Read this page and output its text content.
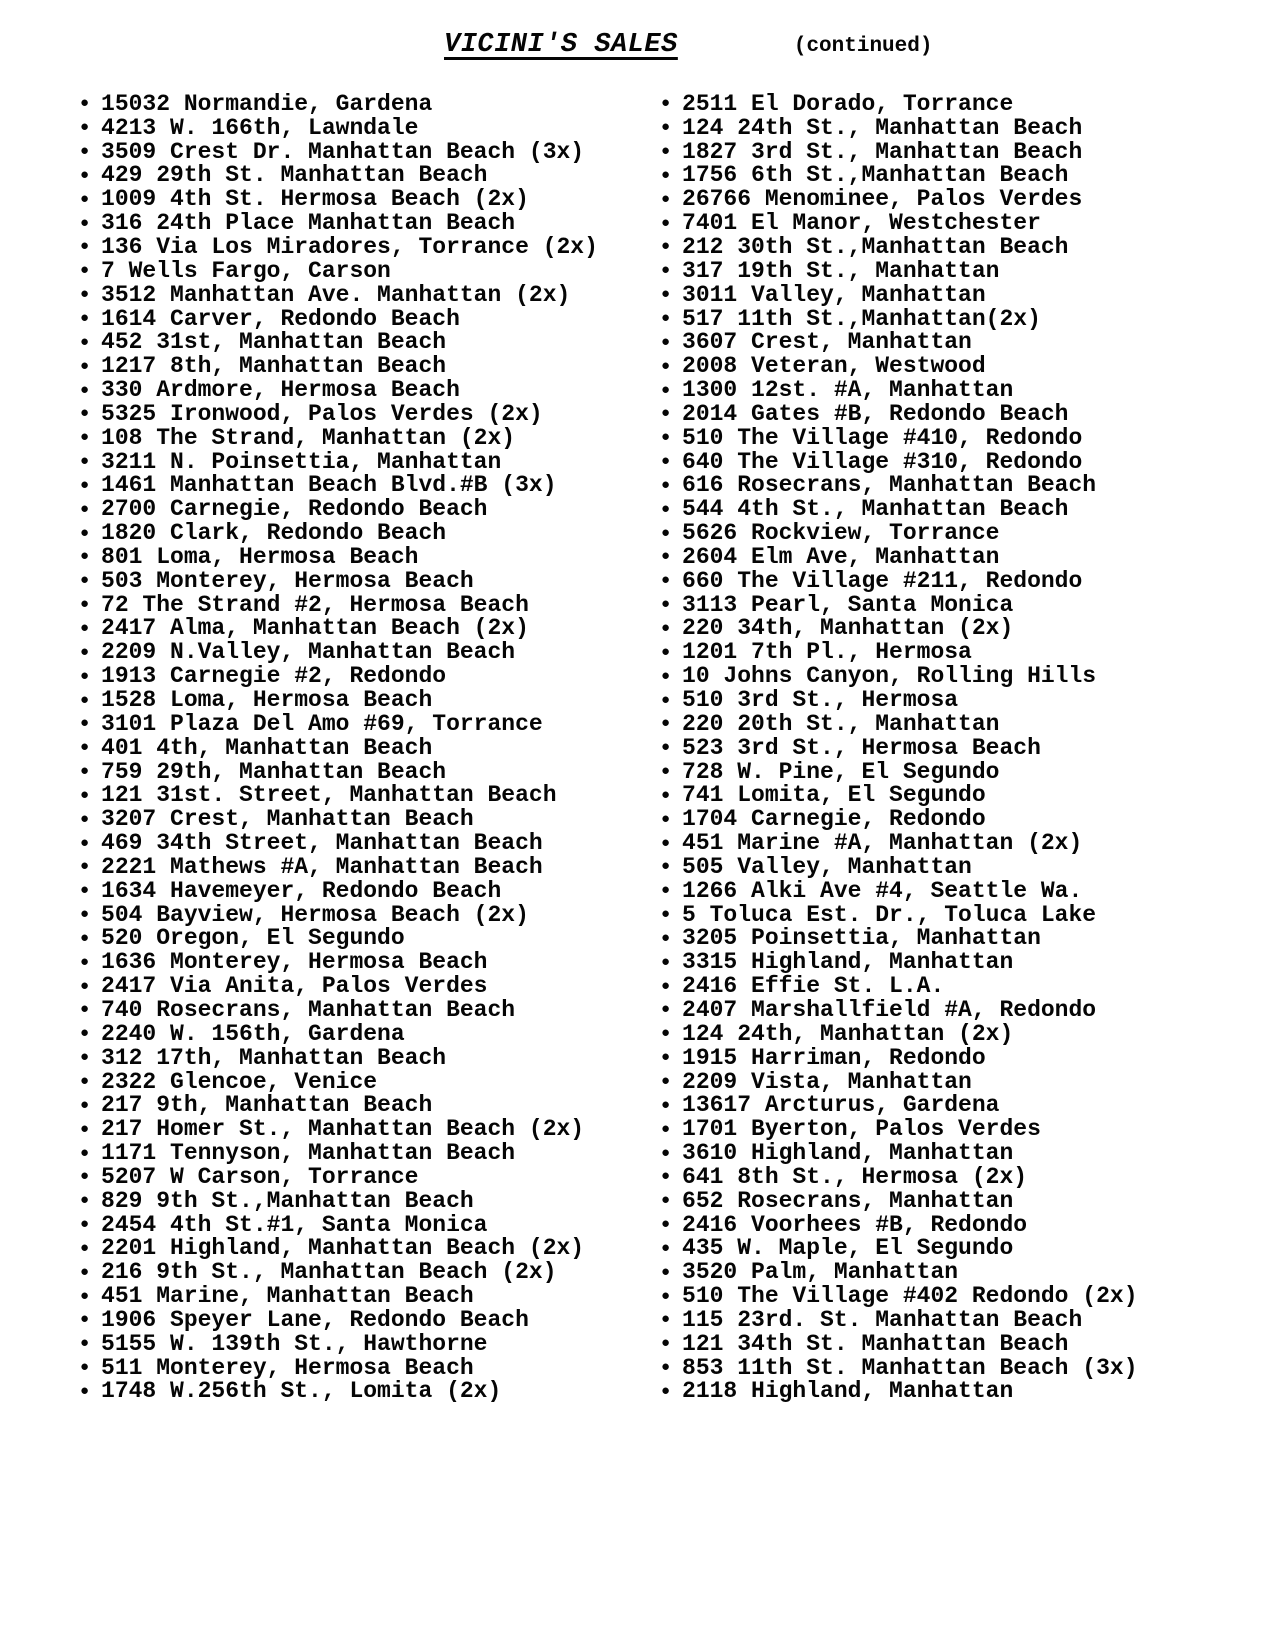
VICINI'S SALES	(continued)
● 15032 Normandie, Gardena
● 4213 W. 166th, Lawndale
● 3509 Crest Dr. Manhattan Beach (3x)
● 429 29th St. Manhattan Beach
● 1009 4th St. Hermosa Beach (2x)
● 316 24th Place Manhattan Beach
● 136 Via Los Miradores, Torrance (2x)
● 7 Wells Fargo, Carson
● 3512 Manhattan Ave. Manhattan (2x)
● 1614 Carver, Redondo Beach
● 452 31st, Manhattan Beach
● 1217 8th, Manhattan Beach
● 330 Ardmore, Hermosa Beach
● 5325 Ironwood, Palos Verdes (2x)
● 108 The Strand, Manhattan (2x)
● 3211 N. Poinsettia, Manhattan
● 1461 Manhattan Beach Blvd.#B (3x)
● 2700 Carnegie, Redondo Beach
● 1820 Clark, Redondo Beach
● 801 Loma, Hermosa Beach
● 503 Monterey, Hermosa Beach
● 72 The Strand #2, Hermosa Beach
● 2417 Alma, Manhattan Beach (2x)
● 2209 N.Valley, Manhattan Beach
● 1913 Carnegie #2, Redondo
● 1528 Loma, Hermosa Beach
● 3101 Plaza Del Amo #69, Torrance
● 401 4th, Manhattan Beach
● 759 29th, Manhattan Beach
● 121 31st. Street, Manhattan Beach
● 3207 Crest, Manhattan Beach
● 469 34th Street, Manhattan Beach
● 2221 Mathews #A, Manhattan Beach
● 1634 Havemeyer, Redondo Beach
● 504 Bayview, Hermosa Beach (2x)
● 520 Oregon, El Segundo
● 1636 Monterey, Hermosa Beach
● 2417 Via Anita, Palos Verdes
● 740 Rosecrans, Manhattan Beach
● 2240 W. 156th, Gardena
● 312 17th, Manhattan Beach
● 2322 Glencoe, Venice
● 217 9th, Manhattan Beach
● 217 Homer St., Manhattan Beach (2x)
● 1171 Tennyson, Manhattan Beach
● 5207 W Carson, Torrance
● 829 9th St.,Manhattan Beach
● 2454 4th St.#1, Santa Monica
● 2201 Highland, Manhattan Beach (2x)
● 216 9th St., Manhattan Beach (2x)
● 451 Marine, Manhattan Beach
● 1906 Speyer Lane, Redondo Beach
● 5155 W. 139th St., Hawthorne
● 511 Monterey, Hermosa Beach
● 1748 W.256th St., Lomita (2x)
● 2511 El Dorado, Torrance
● 124 24th St., Manhattan Beach
● 1827 3rd St., Manhattan Beach
● 1756 6th St.,Manhattan Beach
● 26766 Menominee, Palos Verdes
● 7401 El Manor, Westchester
● 212 30th St.,Manhattan Beach
● 317 19th St., Manhattan
● 3011 Valley, Manhattan
● 517 11th St.,Manhattan(2x)
● 3607 Crest, Manhattan
● 2008 Veteran, Westwood
● 1300 12st. #A, Manhattan
● 2014 Gates #B, Redondo Beach
● 510 The Village #410, Redondo
● 640 The Village #310, Redondo
● 616 Rosecrans, Manhattan Beach
● 544 4th St., Manhattan Beach
● 5626 Rockview, Torrance
● 2604 Elm Ave, Manhattan
● 660 The Village #211, Redondo
● 3113 Pearl, Santa Monica
● 220 34th, Manhattan (2x)
● 1201 7th Pl., Hermosa
● 10 Johns Canyon, Rolling Hills
● 510 3rd St., Hermosa
● 220 20th St., Manhattan
● 523 3rd St., Hermosa Beach
● 728 W. Pine, El Segundo
● 741 Lomita, El Segundo
● 1704 Carnegie, Redondo
● 451 Marine #A, Manhattan (2x)
● 505 Valley, Manhattan
● 1266 Alki Ave #4, Seattle Wa.
● 5 Toluca Est. Dr., Toluca Lake
● 3205 Poinsettia, Manhattan
● 3315 Highland, Manhattan
● 2416 Effie St. L.A.
● 2407 Marshallfield #A, Redondo
● 124 24th, Manhattan (2x)
● 1915 Harriman, Redondo
● 2209 Vista, Manhattan
● 13617 Arcturus, Gardena
● 1701 Byerton, Palos Verdes
● 3610 Highland, Manhattan
● 641 8th St., Hermosa (2x)
● 652 Rosecrans, Manhattan
● 2416 Voorhees #B, Redondo
● 435 W. Maple, El Segundo
● 3520 Palm, Manhattan
● 510 The Village #402 Redondo (2x)
● 115 23rd. St. Manhattan Beach
● 121 34th St. Manhattan Beach
● 853 11th St. Manhattan Beach (3x)
● 2118 Highland, Manhattan
